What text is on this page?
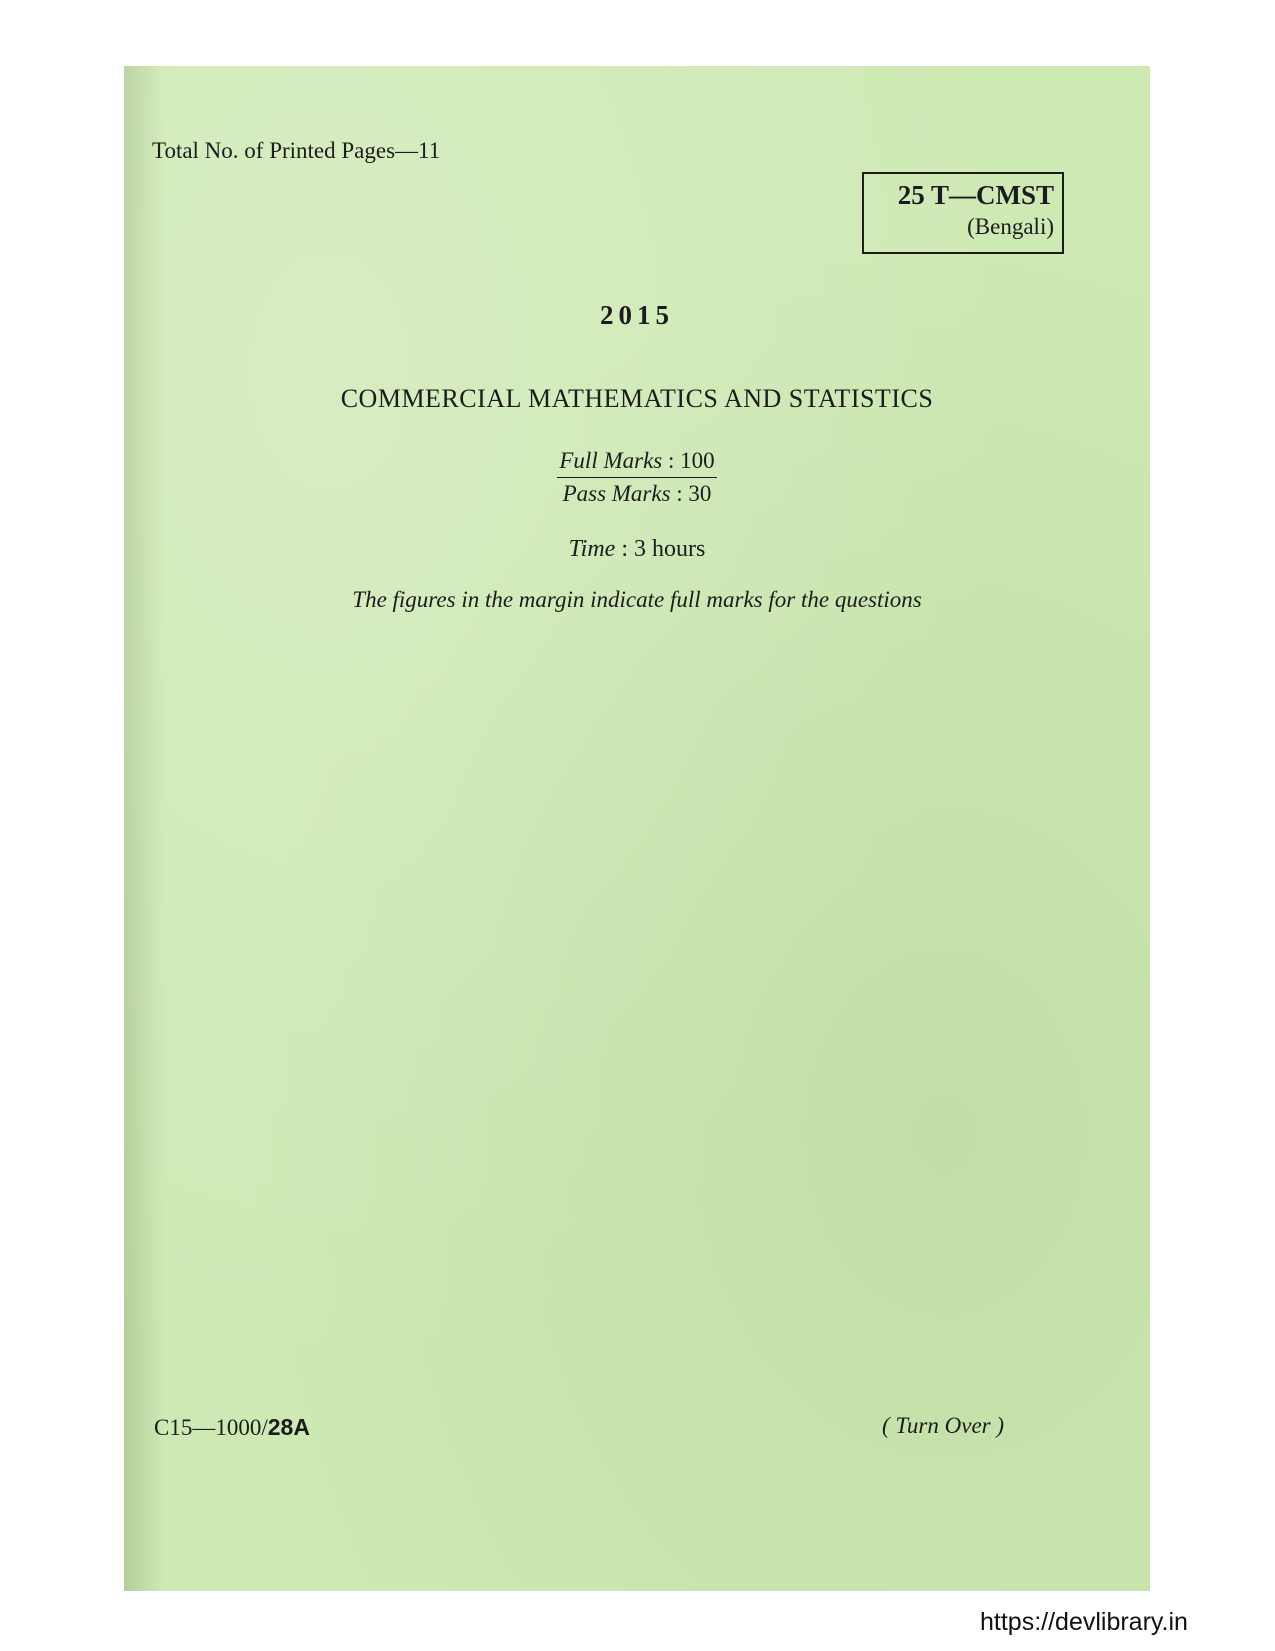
Total No. of Printed Pages—11
25 T—CMST
(Bengali)
2015
COMMERCIAL MATHEMATICS AND STATISTICS
Full Marks : 100
Pass Marks : 30
Time : 3 hours
The figures in the margin indicate full marks for the questions
C15—1000/28A	( Turn Over )
https://devlibrary.in
